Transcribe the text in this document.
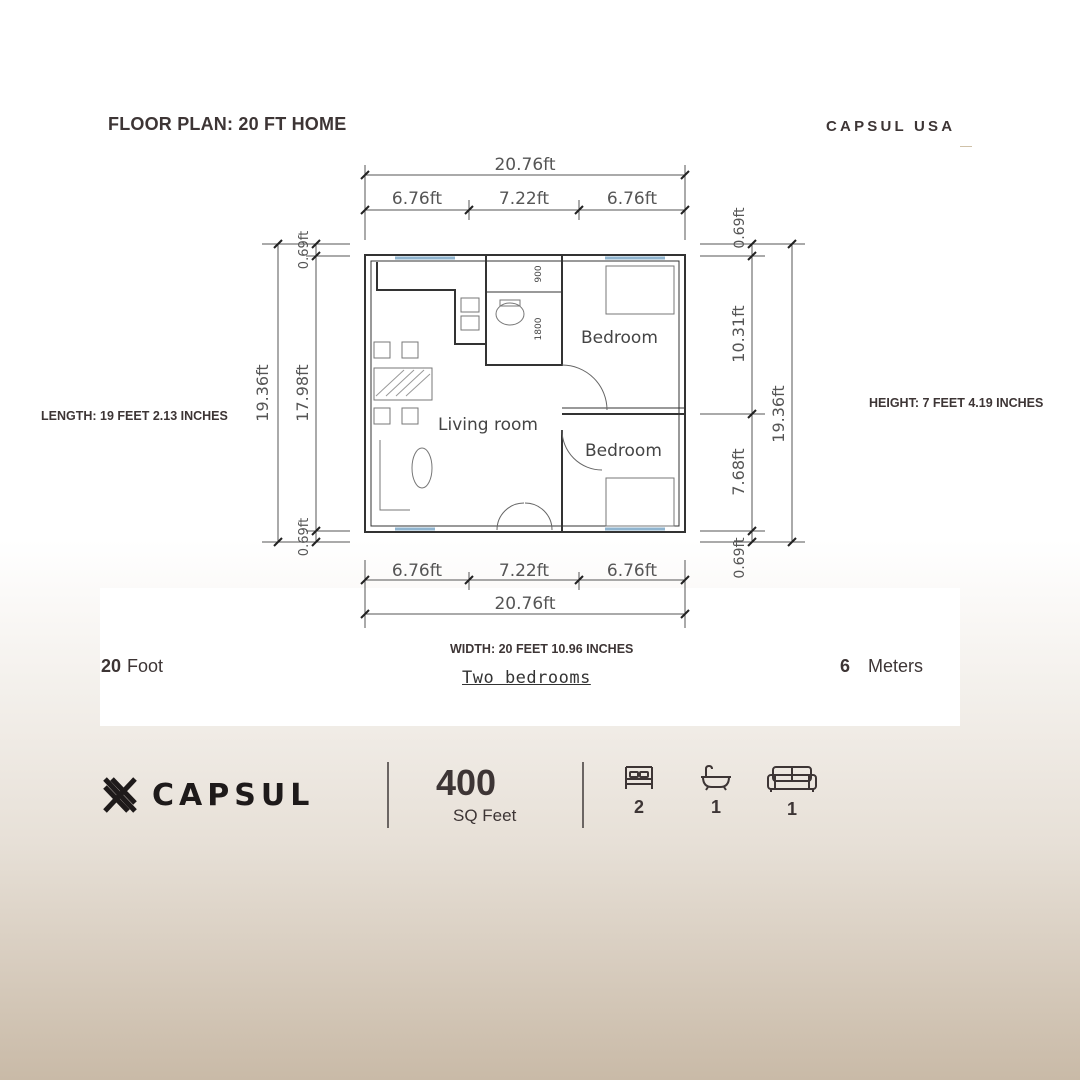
FLOOR PLAN: 20 FT HOME	CAPSUL USA
20.76ft
6.76ft	7.22ft	6.76ft
6.76ft	7.22ft	6.76ft
20.76ft
19.36ft
0.69ft
17.98ft
0.69ft
0.69ft
10.31ft
7.68ft
0.69ft
19.36ft
Living room
Bedroom
Bedroom
900
1800
LENGTH: 19 FEET 2.13 INCHES
HEIGHT: 7 FEET 4.19 INCHES
WIDTH: 20 FEET 10.96 INCHES
20 Foot	6 Meters
Two bedrooms
CAPSUL	400
SQ Feet	2	1	1
